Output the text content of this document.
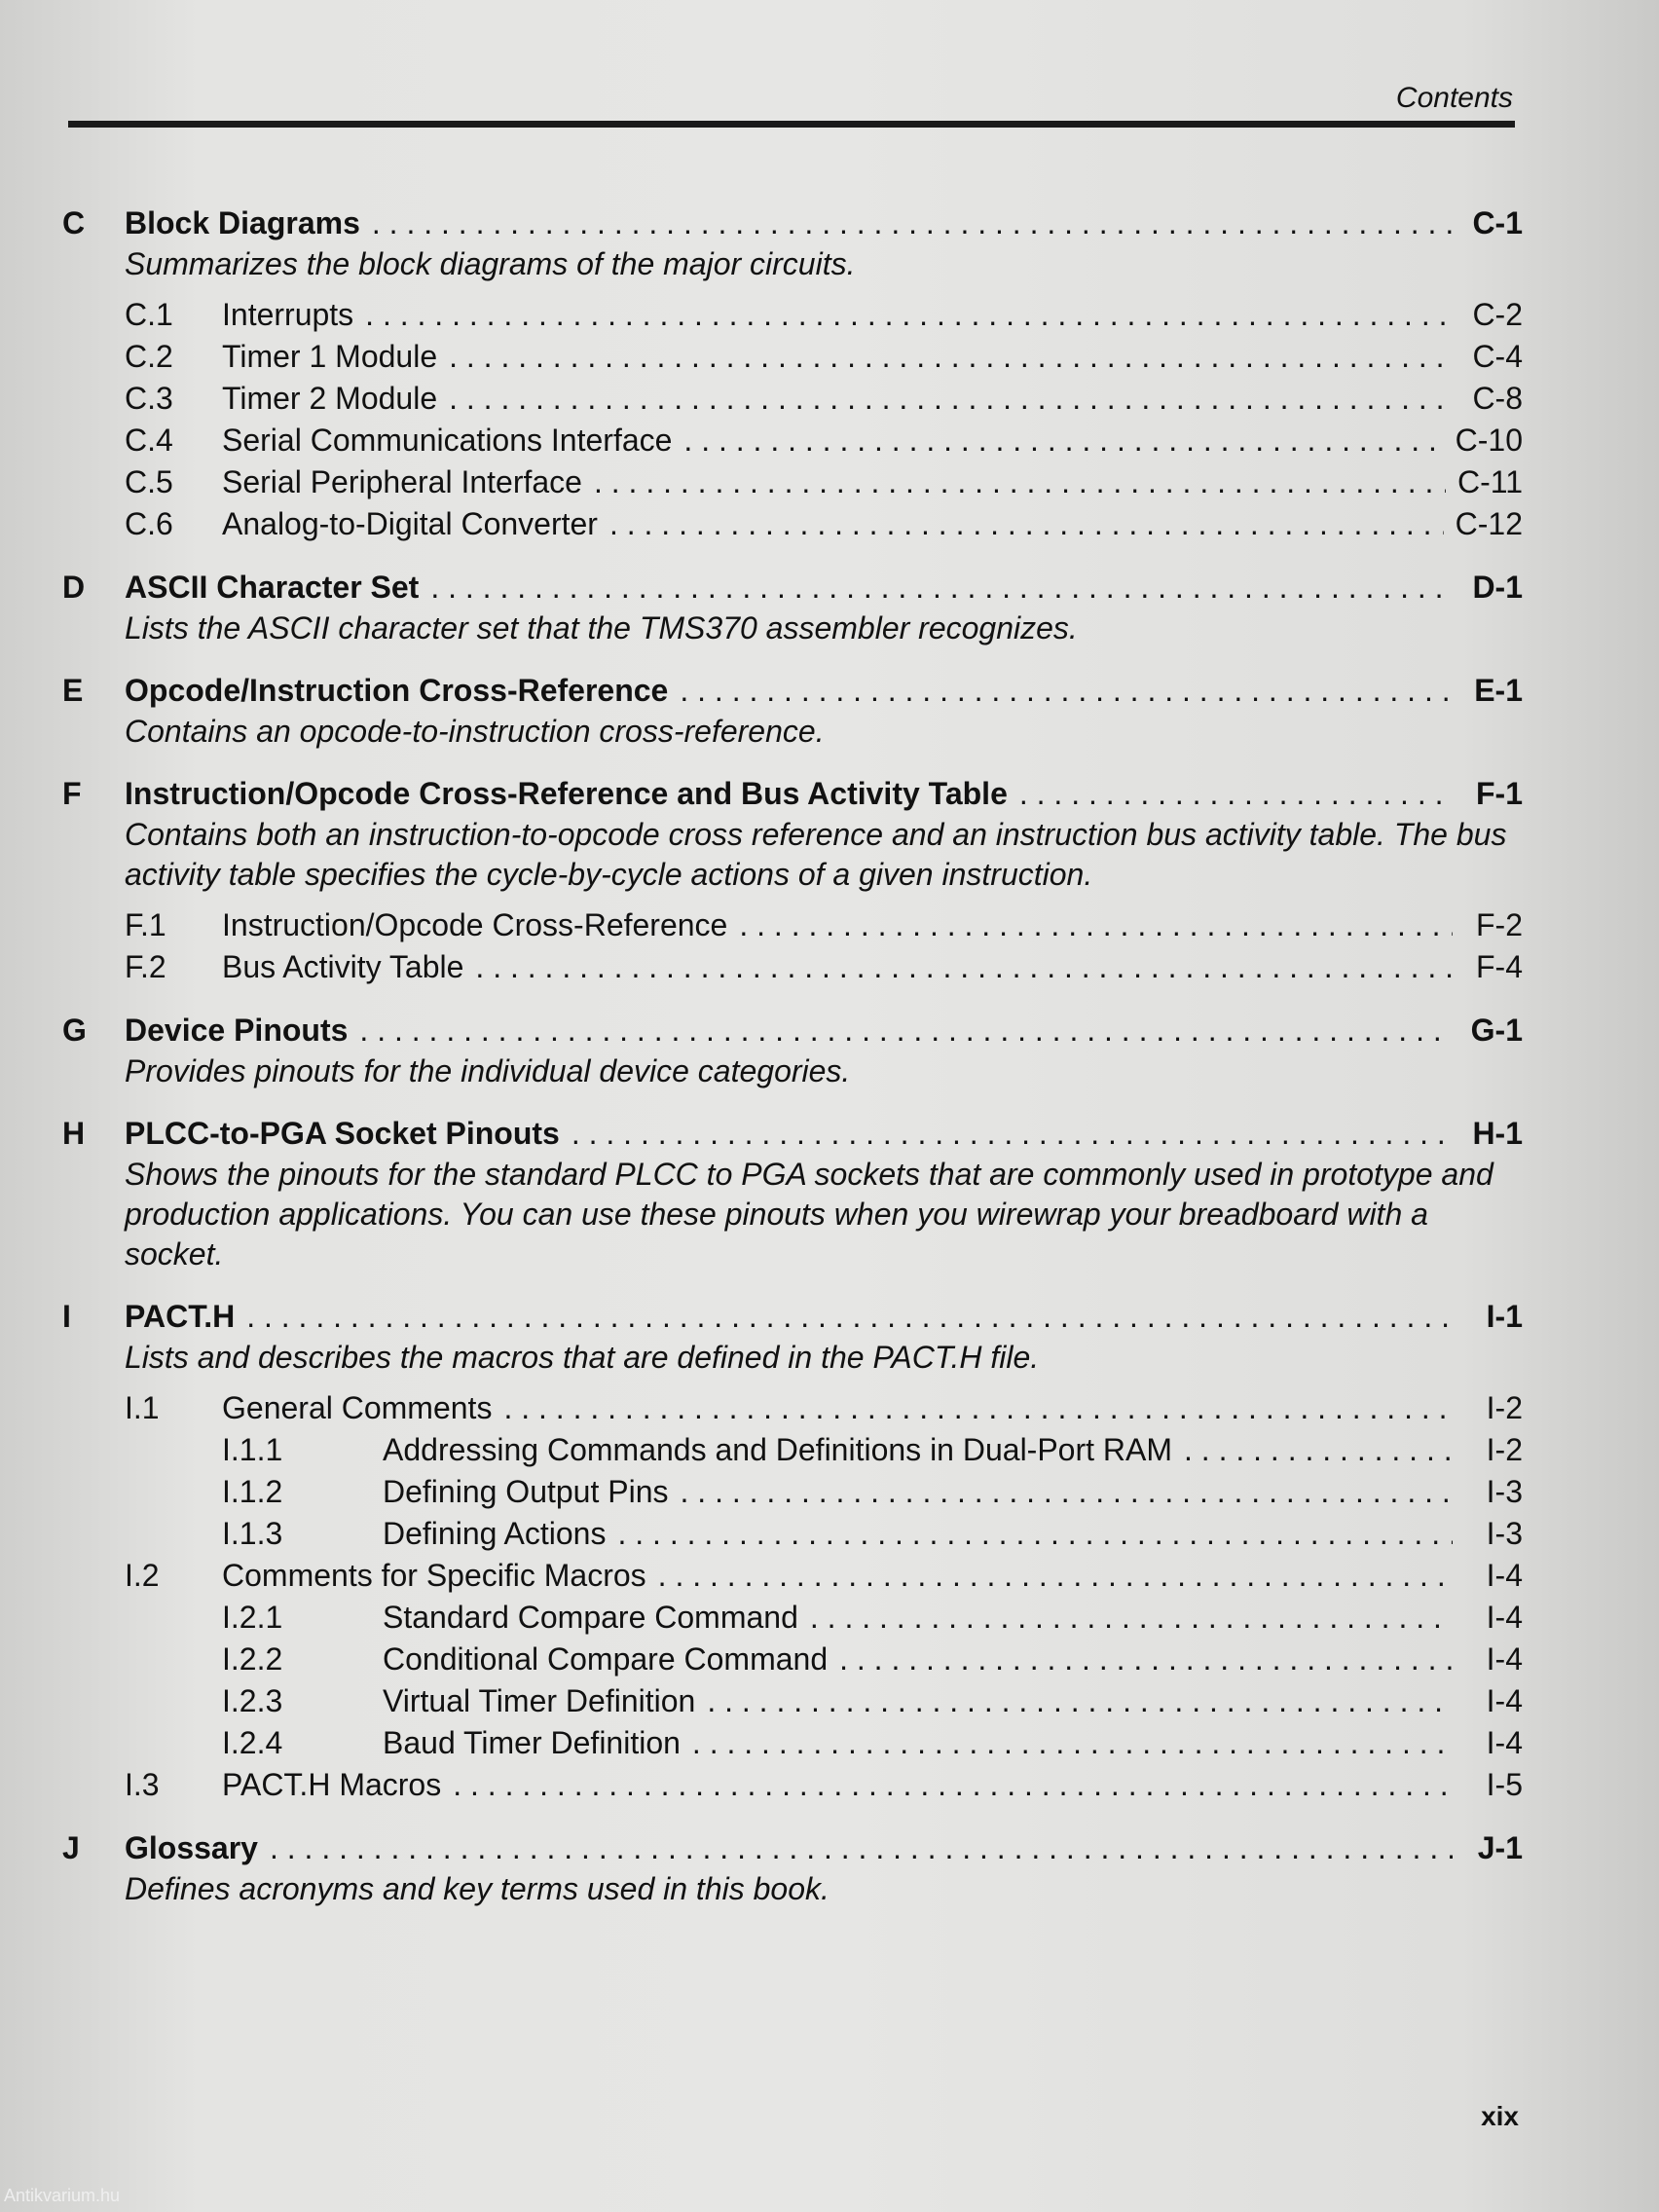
Contents
C	Block Diagrams . . .	C-1
Summarizes the block diagrams of the major circuits.
C.1	Interrupts . . .	C-2
C.2	Timer 1 Module . . .	C-4
C.3	Timer 2 Module . . .	C-8
C.4	Serial Communications Interface . . .	C-10
C.5	Serial Peripheral Interface . . .	C-11
C.6	Analog-to-Digital Converter . . .	C-12
D	ASCII Character Set . . .	D-1
Lists the ASCII character set that the TMS370 assembler recognizes.
E	Opcode/Instruction Cross-Reference . . .	E-1
Contains an opcode-to-instruction cross-reference.
F	Instruction/Opcode Cross-Reference and Bus Activity Table . . .	F-1
Contains both an instruction-to-opcode cross reference and an instruction bus activity table. The bus activity table specifies the cycle-by-cycle actions of a given instruction.
F.1	Instruction/Opcode Cross-Reference . . .	F-2
F.2	Bus Activity Table . . .	F-4
G	Device Pinouts . . .	G-1
Provides pinouts for the individual device categories.
H	PLCC-to-PGA Socket Pinouts . . .	H-1
Shows the pinouts for the standard PLCC to PGA sockets that are commonly used in prototype and production applications. You can use these pinouts when you wirewrap your breadboard with a socket.
I	PACT.H . . .	I-1
Lists and describes the macros that are defined in the PACT.H file.
I.1	General Comments . . .	I-2
I.1.1	Addressing Commands and Definitions in Dual-Port RAM . . .	I-2
I.1.2	Defining Output Pins . . .	I-3
I.1.3	Defining Actions . . .	I-3
I.2	Comments for Specific Macros . . .	I-4
I.2.1	Standard Compare Command . . .	I-4
I.2.2	Conditional Compare Command . . .	I-4
I.2.3	Virtual Timer Definition . . .	I-4
I.2.4	Baud Timer Definition . . .	I-4
I.3	PACT.H Macros . . .	I-5
J	Glossary . . .	J-1
Defines acronyms and key terms used in this book.
xix
Antikvarium.hu
